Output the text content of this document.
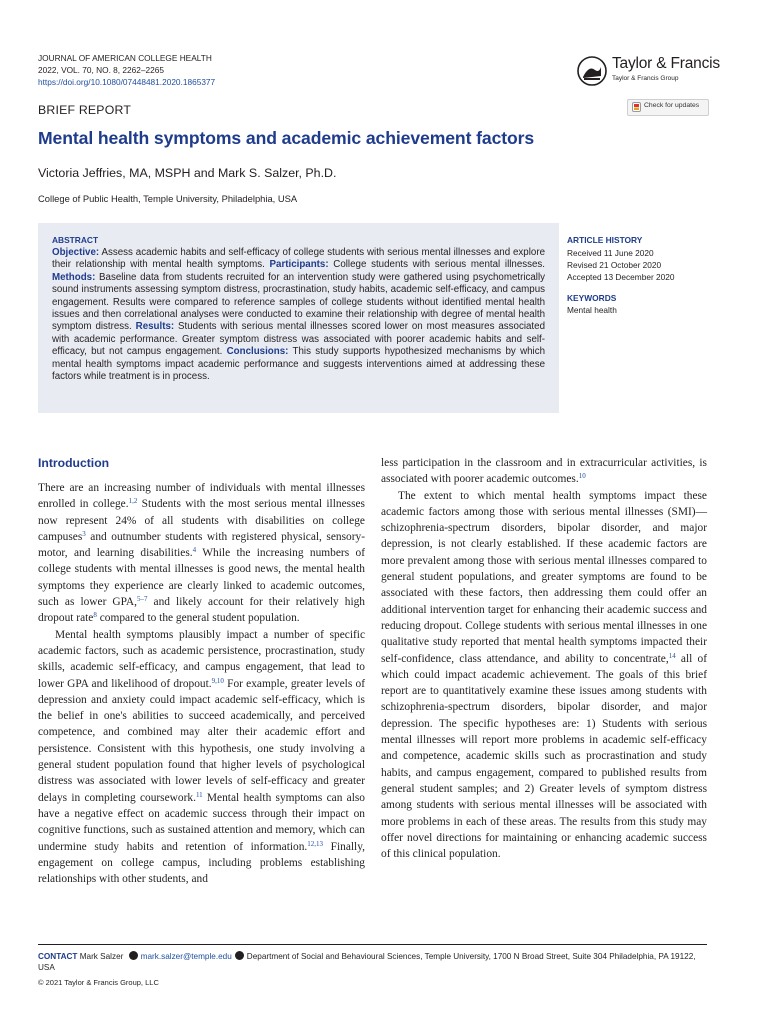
JOURNAL OF AMERICAN COLLEGE HEALTH
2022, VOL. 70, NO. 8, 2262–2265
https://doi.org/10.1080/07448481.2020.1865377
Taylor & Francis
Taylor & Francis Group
BRIEF REPORT	Check for updates
Mental health symptoms and academic achievement factors
Victoria Jeffries, MA, MSPH and Mark S. Salzer, Ph.D.
College of Public Health, Temple University, Philadelphia, USA
ABSTRACT
Objective: Assess academic habits and self-efficacy of college students with serious mental illnesses and explore their relationship with mental health symptoms. Participants: College students with serious mental illnesses. Methods: Baseline data from students recruited for an intervention study were gathered using psychometrically sound instruments assessing symptom distress, procrastination, study habits, academic self-efficacy, and campus engagement. Results were compared to reference samples of college students without identified mental health issues and then correlational analyses were conducted to examine their relationship with degree of mental health symptom distress. Results: Students with serious mental illnesses scored lower on most measures associated with academic performance. Greater symptom distress was associated with poorer academic habits and self-efficacy, but not campus engagement. Conclusions: This study supports hypothesized mechanisms by which mental health symptoms impact academic performance and suggests interventions aimed at addressing these factors while treatment is in process.
ARTICLE HISTORY
Received 11 June 2020
Revised 21 October 2020
Accepted 13 December 2020
KEYWORDS
Mental health
Introduction

There are an increasing number of individuals with mental illnesses enrolled in college.$^{1,2}$ Students with the most serious mental illnesses now represent 24% of all students with disabilities on college campuses$^3$ and outnumber students with registered physical, sensory-motor, and learning disabilities.$^4$ While the increasing numbers of college students with mental illnesses is good news, the mental health symptoms they experience are clearly linked to academic outcomes, such as lower GPA,$^{5-7}$ and likely account for their relatively high dropout rate$^8$ compared to the general student population.

Mental health symptoms plausibly impact a number of specific academic factors, such as academic persistence, procrastination, study skills, academic self-efficacy, and campus engagement, that lead to lower GPA and likelihood of dropout.$^{9,10}$ For example, greater levels of depression and anxiety could impact academic self-efficacy, which is the belief in one's abilities to succeed academically, and perceived competence, and combined may alter their academic effort and persistence. Consistent with this hypothesis, one study involving a general student population found that higher levels of psychological distress was associated with lower levels of self-efficacy and greater delays in completing coursework.$^{11}$ Mental health symptoms can also have a negative effect on academic success through their impact on cognitive functions, such as sustained attention and memory, which can undermine study habits and retention of information.$^{12,13}$ Finally, engagement on college campus, including problems establishing relationships with other students, and

less participation in the classroom and in extracurricular activities, is associated with poorer academic outcomes.$^{10}$

The extent to which mental health symptoms impact these academic factors among those with serious mental illnesses (SMI)—schizophrenia-spectrum disorders, bipolar disorder, and major depression, is not clearly established. If these academic factors are more prevalent among those with serious mental illnesses compared to general student populations, and greater symptoms are found to be associated with these factors, then addressing them could offer an additional intervention target for enhancing their academic success and reducing dropout. College students with serious mental illnesses in one qualitative study reported that mental health symptoms impacted their self-confidence, class attendance, and ability to concentrate,$^{14}$ all of which could impact academic achievement. The goals of this brief report are to quantitatively examine these issues among students with schizophrenia-spectrum disorders, bipolar disorder, and major depression. The specific hypotheses are: 1) Students with serious mental illnesses will report more problems in academic self-efficacy and competence, academic skills such as procrastination and study habits, and campus engagement, compared to published results from general student samples; and 2) Greater levels of symptom distress among students with serious mental illnesses will be associated with more problems in each of these areas. The results from this study may offer novel directions for maintaining or enhancing academic success of this clinical population.

CONTACT Mark Salzer mark.salzer@temple.edu Department of Social and Behavioural Sciences, Temple University, 1700 N Broad Street, Suite 304 Philadelphia, PA 19122, USA
© 2021 Taylor & Francis Group, LLC
